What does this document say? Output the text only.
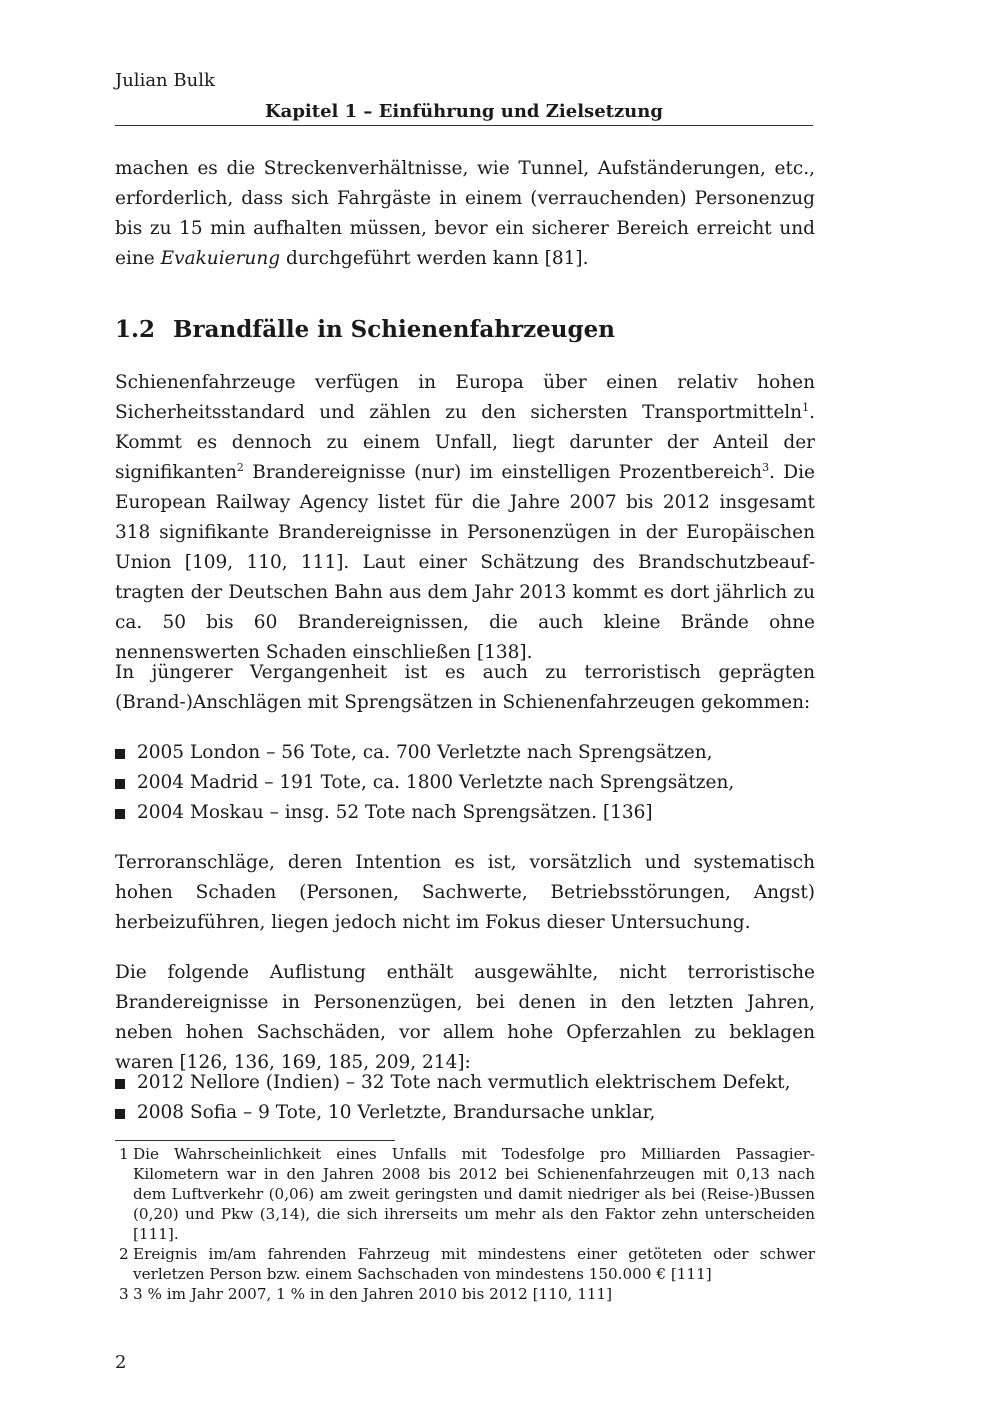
Julian Bulk
Kapitel 1 – Einführung und Zielsetzung

machen es die Streckenverhältnisse, wie Tunnel, Aufständerungen, etc., erforderlich, dass sich Fahrgäste in einem (verrauchenden) Personenzug bis zu 15 min aufhalten müssen, bevor ein sicherer Bereich erreicht und eine Evakuierung durchgeführt werden kann [81].

1.2 Brandfälle in Schienenfahrzeugen

Schienenfahrzeuge verfügen in Europa über einen relativ hohen Sicherheitsstandard und zählen zu den sichersten Transportmitteln$^1$. Kommt es dennoch zu einem Unfall, liegt darunter der Anteil der signifikanten$^2$ Brandereignisse (nur) im einstelligen Prozentbereich$^3$. Die European Railway Agency listet für die Jahre 2007 bis 2012 insgesamt 318 signifikante Brandereignisse in Personenzügen in der Europäischen Union [109, 110, 111]. Laut einer Schätzung des Brandschutzbeauftragten der Deutschen Bahn aus dem Jahr 2013 kommt es dort jährlich zu ca. 50 bis 60 Brandereignissen, die auch kleine Brände ohne nennenswerten Schaden einschließen [138].

In jüngerer Vergangenheit ist es auch zu terroristisch geprägten (Brand-)Anschlägen mit Sprengsätzen in Schienenfahrzeugen gekommen:

2005 London – 56 Tote, ca. 700 Verletzte nach Sprengsätzen,
2004 Madrid – 191 Tote, ca. 1800 Verletzte nach Sprengsätzen,
2004 Moskau – insg. 52 Tote nach Sprengsätzen. [136]

Terroranschläge, deren Intention es ist, vorsätzlich und systematisch hohen Schaden (Personen, Sachwerte, Betriebsstörungen, Angst) herbeizuführen, liegen jedoch nicht im Fokus dieser Untersuchung.

Die folgende Auflistung enthält ausgewählte, nicht terroristische Brandereignisse in Personenzügen, bei denen in den letzten Jahren, neben hohen Sachschäden, vor allem hohe Opferzahlen zu beklagen waren [126, 136, 169, 185, 209, 214]:

2012 Nellore (Indien) – 32 Tote nach vermutlich elektrischem Defekt,
2008 Sofia – 9 Tote, 10 Verletzte, Brandursache unklar,
1 Die Wahrscheinlichkeit eines Unfalls mit Todesfolge pro Milliarden Passagier-Kilometern war in den Jahren 2008 bis 2012 bei Schienenfahrzeugen mit 0,13 nach dem Luftverkehr (0,06) am zweit geringsten und damit niedriger als bei (Reise-)Bussen (0,20) und Pkw (3,14), die sich ihrerseits um mehr als den Faktor zehn unterscheiden [111].
2 Ereignis im/am fahrenden Fahrzeug mit mindestens einer getöteten oder schwer verletzen Person bzw. einem Sachschaden von mindestens 150.000 € [111]
3 3 % im Jahr 2007, 1 % in den Jahren 2010 bis 2012 [110, 111]
2
